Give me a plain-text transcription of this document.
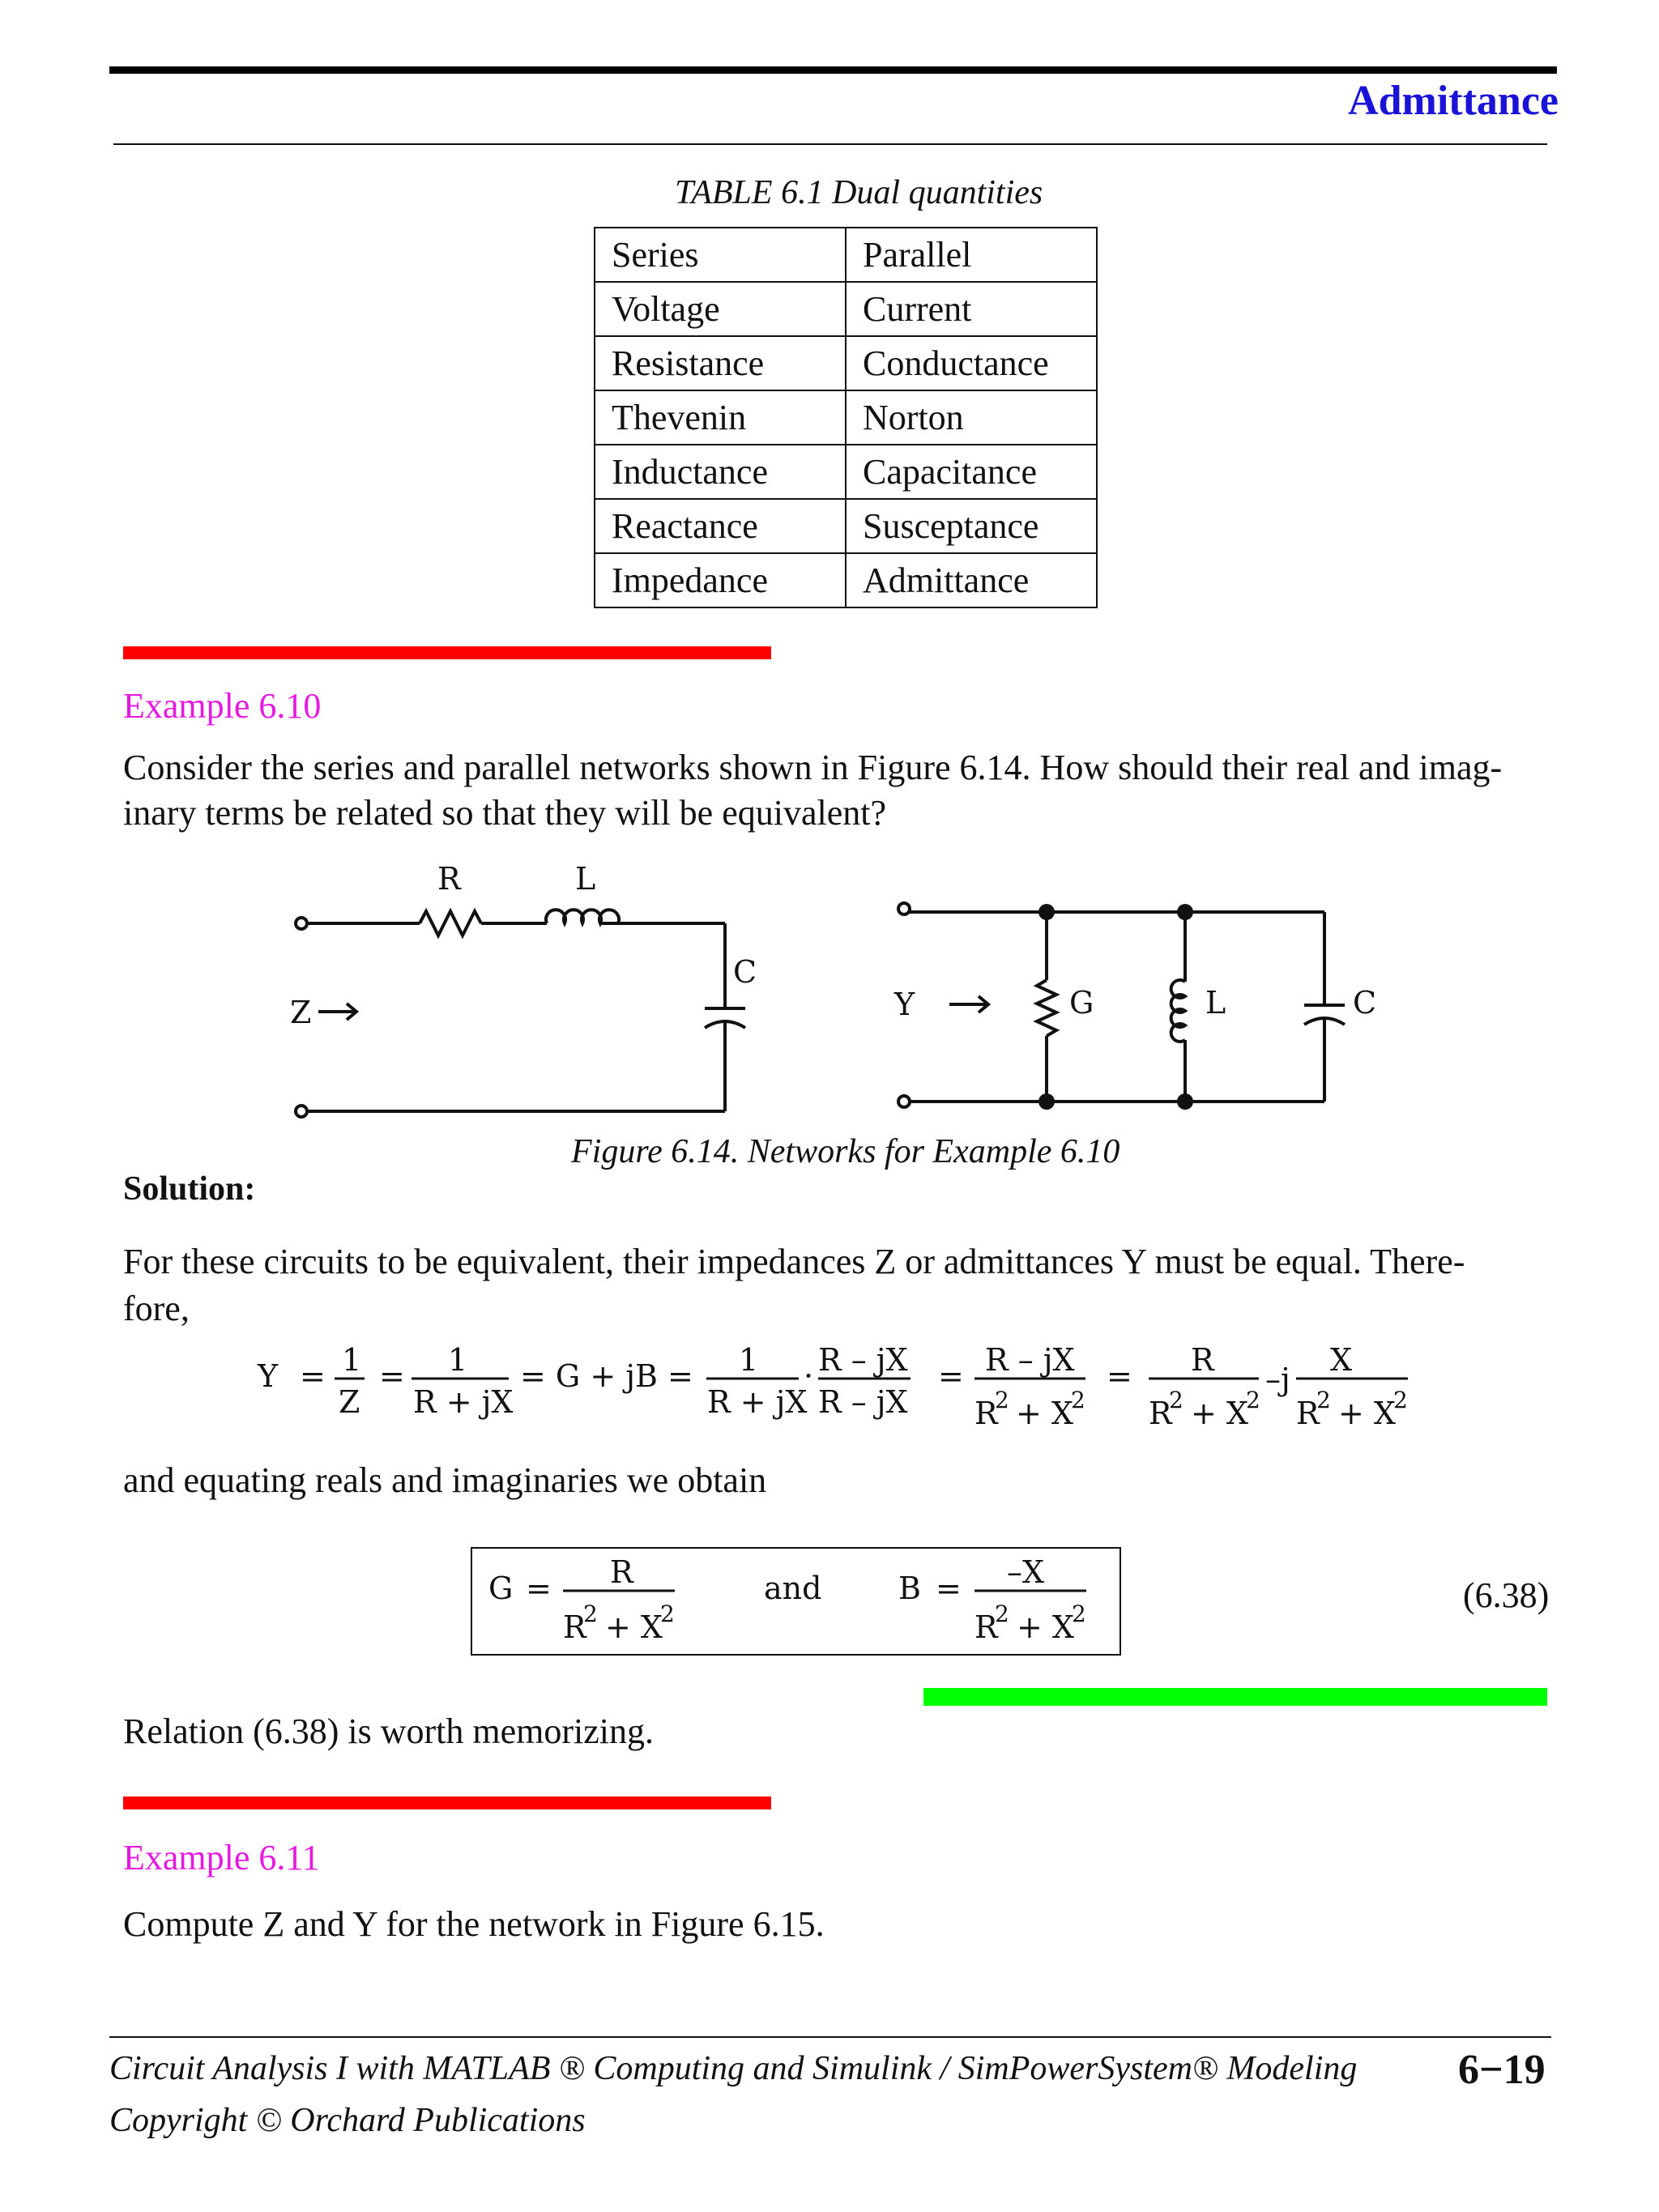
Admittance
TABLE 6.1 Dual quantities
Series	Parallel
Voltage	Current
Resistance	Conductance
Thevenin	Norton
Inductance	Capacitance
Reactance	Susceptance
Impedance	Admittance
Example 6.10
Consider the series and parallel networks shown in Figure 6.14. How should their real and imag-
inary terms be related so that they will be equivalent?
R	L
C
Z	Y	G	L	C
Figure 6.14. Networks for Example 6.10
Solution:
For these circuits to be equivalent, their impedances Z or admittances Y must be equal. There-
fore,
Y = 1
Z
= 1
R + jX
= G + jB = 1
R + jX
· R – jX
R – jX
= R – jX
R
2 + X
2
= R
R
2 + X
2
–j
X
R
2 + X
2
and equating reals and imaginaries we obtain
G = R
R
2 + X
2
and B = –X
R
2 + X
2	(6.38)
Relation (6.38) is worth memorizing.
Example 6.11
Compute Z and Y for the network in Figure 6.15.
Circuit Analysis I with MATLAB ® Computing and Simulink / SimPowerSystem® Modeling
Copyright © Orchard Publications
6−19
